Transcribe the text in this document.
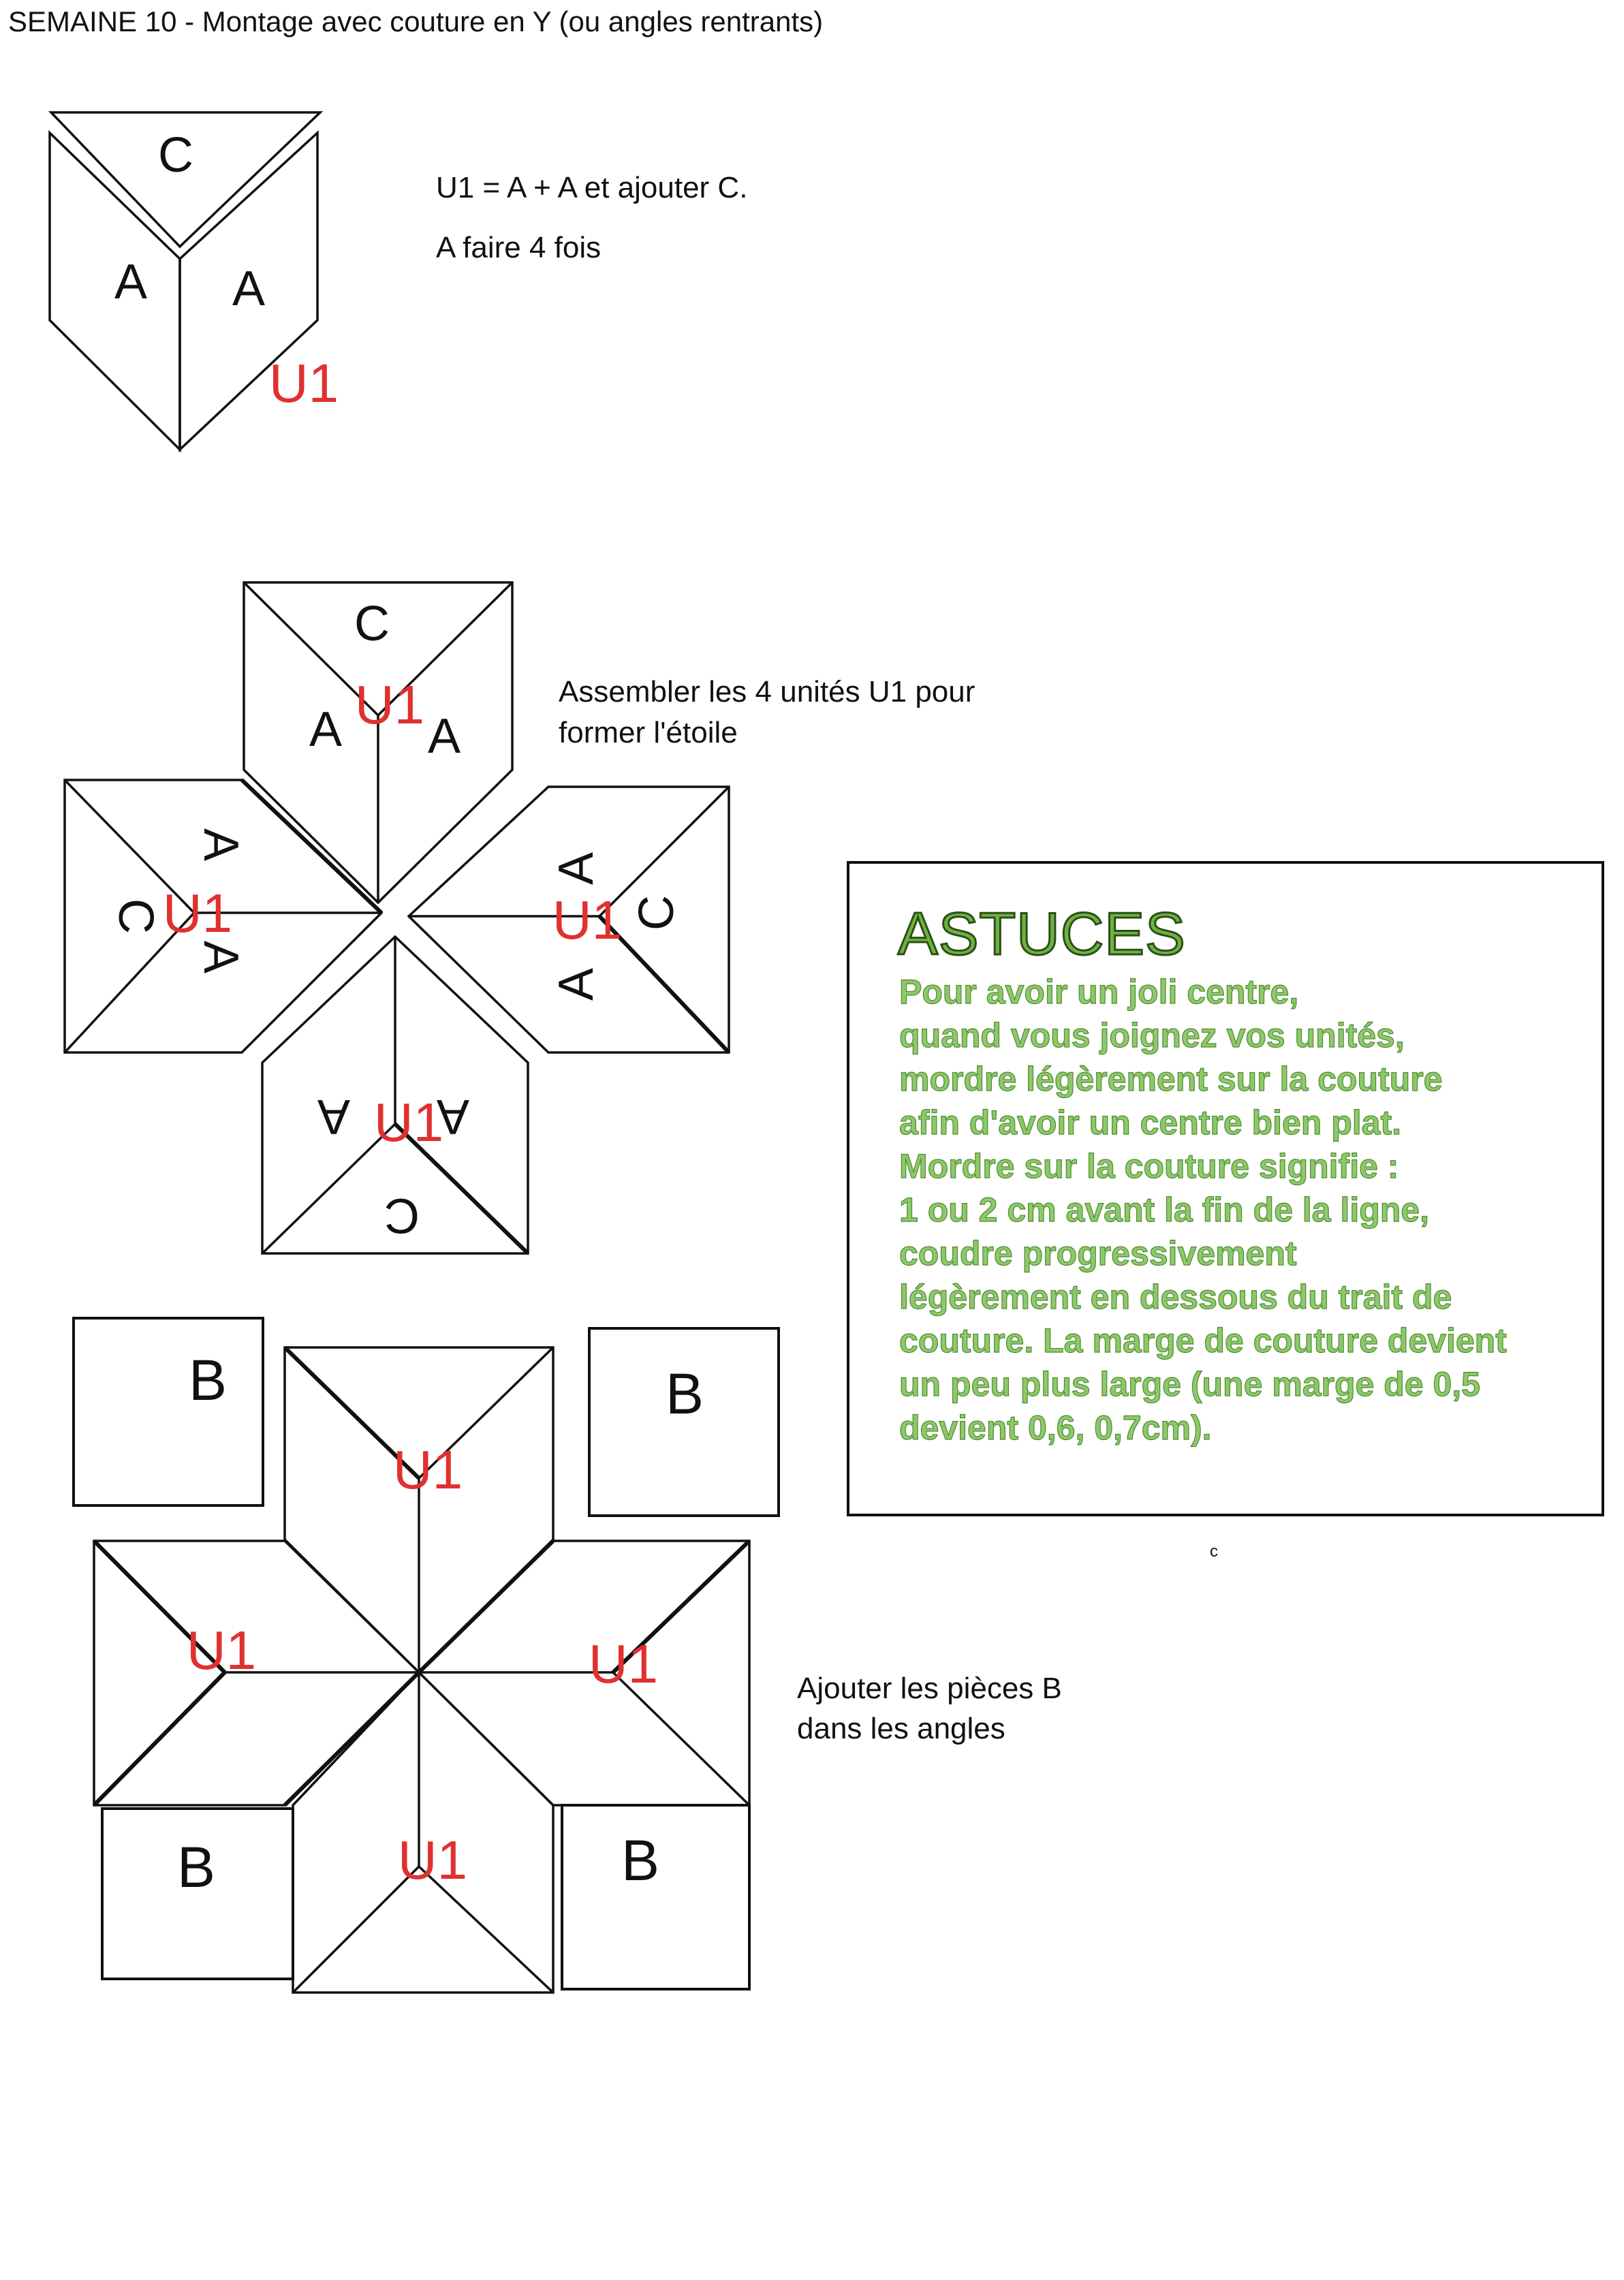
SEMAINE 10 - Montage avec couture en Y (ou angles rentrants)
C
A A
U1
U1 = A + A et ajouter C.
A faire 4 fois
C
A A
U1
C
A
A
U1	C
A
A
U1
C
A A
U1
Assembler les 4 unités U1 pour
former l'étoile
B	B
B	B
U1
U1	U1
U1
Ajouter les pièces B
dans les angles
c
ASTUCES
Pour avoir un joli centre,
quand vous joignez vos unités,
mordre légèrement sur la couture
afin d'avoir un centre bien plat.
Mordre sur la couture signifie :
1 ou 2 cm avant la fin de la ligne,
coudre progressivement
légèrement en dessous du trait de
couture. La marge de couture devient
un peu plus large (une marge de 0,5
devient 0,6, 0,7cm).
